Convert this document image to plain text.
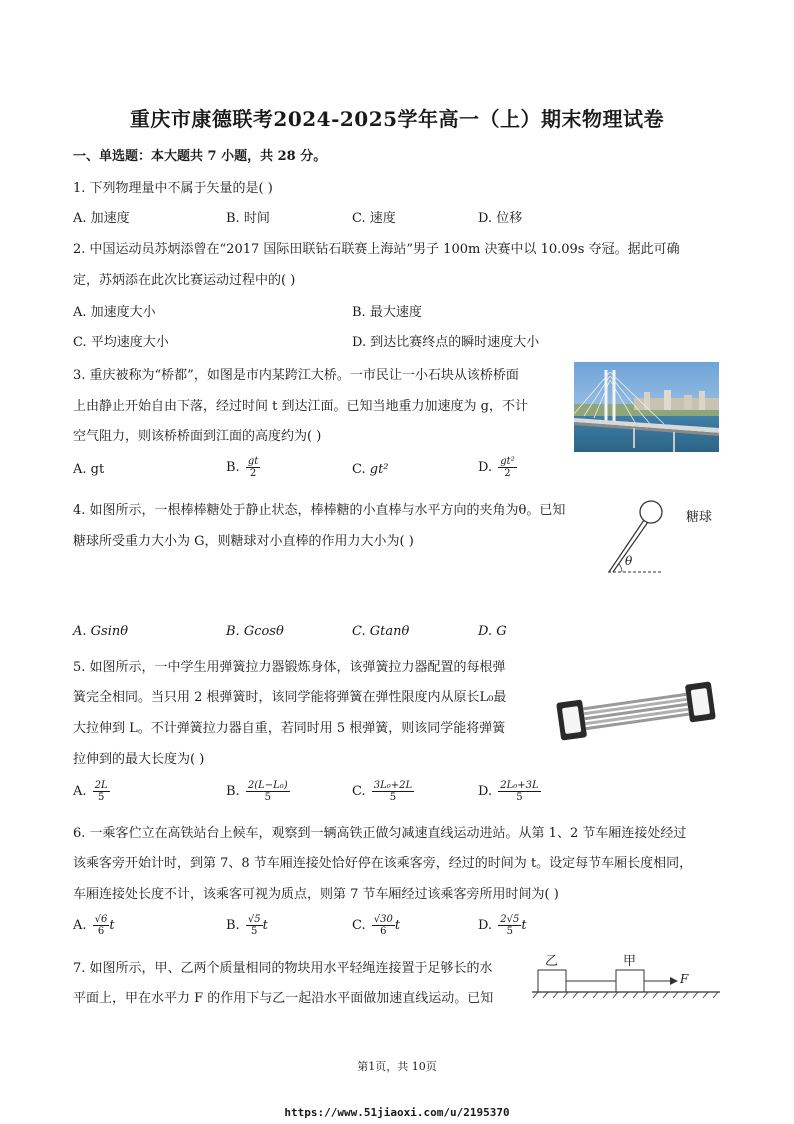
重庆市康德联考2024-2025学年高一（上）期末物理试卷
一、单选题：本大题共 7 小题，共 28 分。
1. 下列物理量中不属于矢量的是( )
A. 加速度	B. 时间	C. 速度	D. 位移
2. 中国运动员苏炳添曾在“2017 国际田联钻石联赛上海站”男子 100m 决赛中以 10.09s 夺冠。据此可确
定，苏炳添在此次比赛运动过程中的( )
A. 加速度大小	B. 最大速度
C. 平均速度大小	D. 到达比赛终点的瞬时速度大小
3. 重庆被称为“桥都”，如图是市内某跨江大桥。一市民让一小石块从该桥桥面
上由静止开始自由下落，经过时间 t 到达江面。已知当地重力加速度为 g，不计
空气阻力，则该桥桥面到江面的高度约为( )
A. gt	B. $\frac{gt}{2}$	C. gt²	D. $\frac{\text{gt²}}{2}$
4. 如图所示，一根棒棒糖处于静止状态，棒棒糖的小直棒与水平方向的夹角为θ。已知
糖球所受重力大小为 G，则糖球对小直棒的作用力大小为( )
糖球
θ
A. Gsinθ	B. Gcosθ	C. Gtanθ	D. G
5. 如图所示，一中学生用弹簧拉力器锻炼身体，该弹簧拉力器配置的每根弹
簧完全相同。当只用 2 根弹簧时，该同学能将弹簧在弹性限度内从原长L₀最
大拉伸到 L。不计弹簧拉力器自重，若同时用 5 根弹簧，则该同学能将弹簧
拉伸到的最大长度为( )
A. $\frac{2L}{5}$	B. $\frac{\text{2(L−L₀)}}{5}$	C. $\frac{\text{3L₀+2L}}{5}$	D. $\frac{\text{2L₀+3L}}{5}$
6. 一乘客伫立在高铁站台上候车，观察到一辆高铁正做匀减速直线运动进站。从第 1、2 节车厢连接处经过
该乘客旁开始计时，到第 7、8 节车厢连接处恰好停在该乘客旁，经过的时间为 t。设定每节车厢长度相同，
车厢连接处长度不计，该乘客可视为质点，则第 7 节车厢经过该乘客旁所用时间为( )
A. $\frac{√6}{6}$ t	B. $\frac{√5}{5}$ t	C. $\frac{√30}{6}$ t	D. $\frac{2√5}{5}$ t
7. 如图所示，甲、乙两个质量相同的物块用水平轻绳连接置于足够长的水
平面上，甲在水平力 F 的作用下与乙一起沿水平面做加速直线运动。已知
乙	甲
F
第1页，共 10页
https://www.51jiaoxi.com/u/2195370
